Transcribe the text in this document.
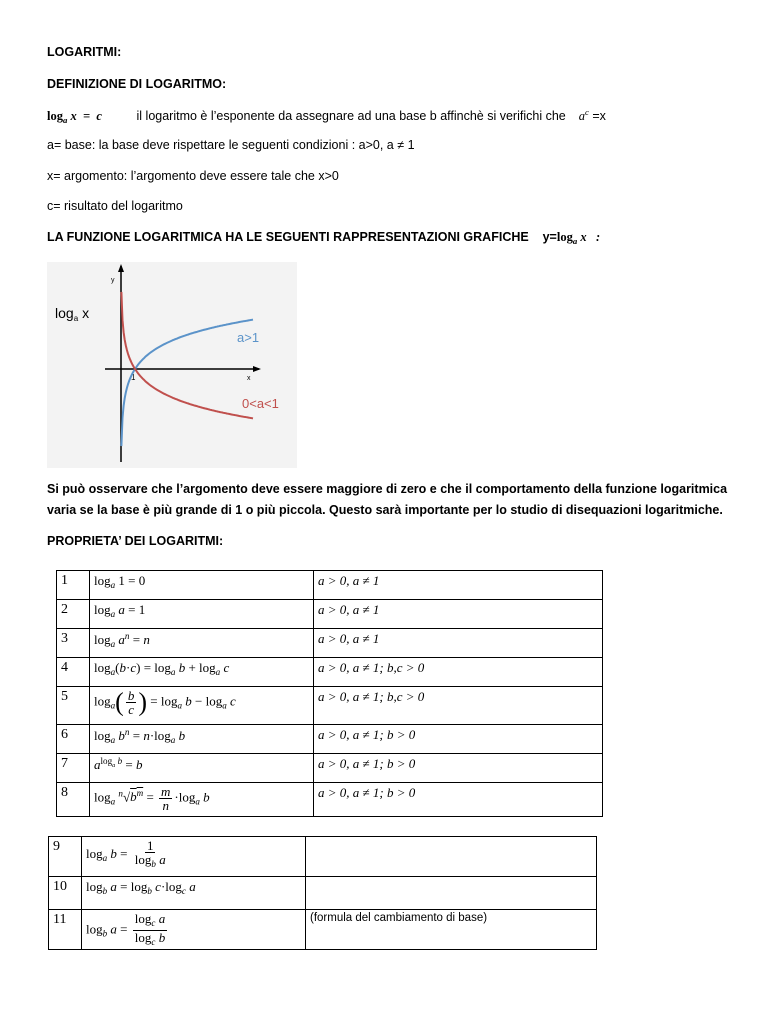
LOGARITMI:
DEFINIZIONE DI LOGARITMO:
$\log_a x = c$	il logaritmo è l’esponente da assegnare ad una base b affinchè si verifichi che $a^c =x$
a= base: la base deve rispettare le seguenti condizioni : a>0, a ≠ 1
x= argomento: l’argomento deve essere tale che x>0
c= risultato del logaritmo
LA FUNZIONE LOGARITMICA HA LE SEGUENTI RAPPRESENTAZIONI GRAFICHE    $y=\log_a$ x   :
y
x
1
$\log_a x$
a>1
0<a<1
Si può osservare che l’argomento deve essere maggiore di zero e che il comportamento della funzione logaritmica
varia se la base è più grande di 1 o più piccola. Questo sarà importante per lo studio di disequazioni logaritmiche.
PROPRIETA’ DEI LOGARITMI:
1	$\log_a 1 = 0$	a > 0, a ≠ 1
2	$\log_a a = 1$	a > 0, a ≠ 1
3	$\log_a a^n = n$	a > 0, a ≠ 1
4	$\log_a(b\cdot c) = \log_a b + \log_a c$	a > 0, a ≠ 1; b,c > 0
5	$\log_a( \frac{b}{c}$ ) = $\log_a b - \log_a c$	a > 0, a ≠ 1; b,c > 0
6	$\log_a b^n = n\cdot\log_a$ b	a > 0, a ≠ 1; b > 0
7	$a^{log_a b} = b$	a > 0, a ≠ 1; b > 0
8	$\log_a ^n√b^m = \frac{m}{n} \cdot\log_a$ b	a > 0, a ≠ 1; b > 0
9	$\log_a b = \frac{1}{\log_b a}$

10	$\log_b a = \log_b c\cdot\log_c$ a	
11	$\log_b a = \frac{\log_c a}{\log_c b}$	(formula del cambiamento di base)
